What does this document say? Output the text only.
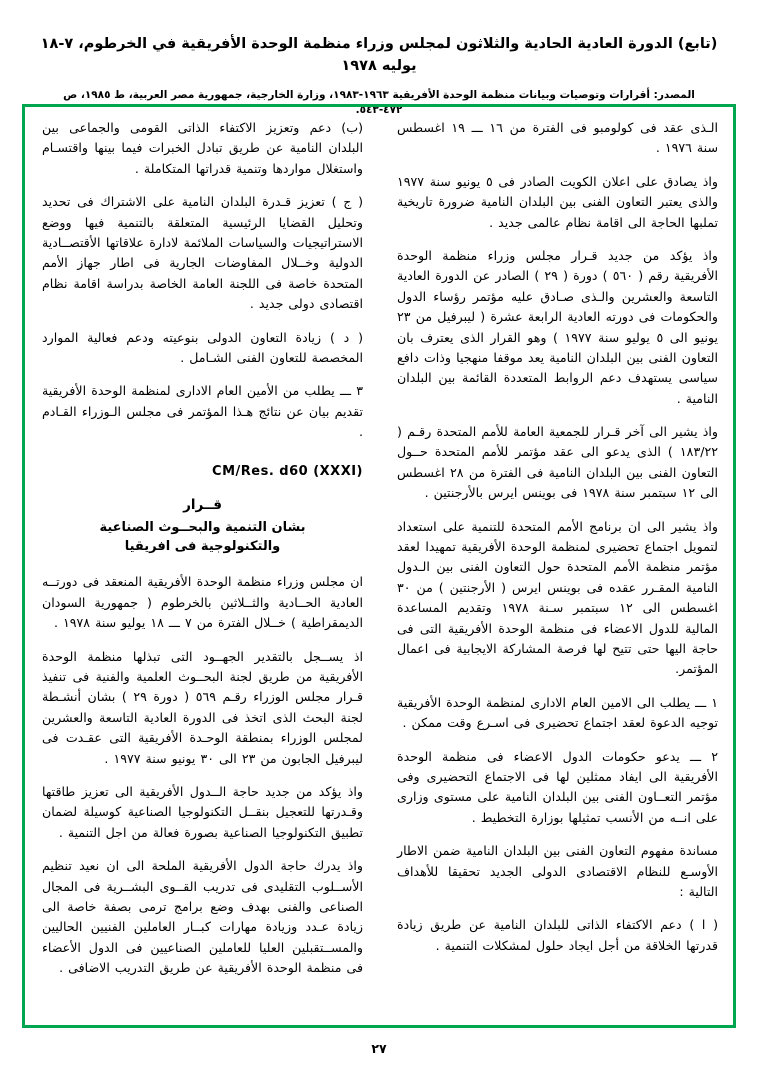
(تابع) الدورة العادية الحادية والثلاثون لمجلس وزراء منظمة الوحدة الأفريقية في الخرطوم، ٧-١٨ يوليه ١٩٧٨
المصدر: أقرارات وتوصيات وبيانات منظمة الوحدة الأفريقية ١٩٦٣-١٩٨٣، وزارة الخارجية، جمهورية مصر العربية، ط ١٩٨٥، ص ٤٧٢-٥٤٣.

الـذى عقد فى كولومبو فى الفترة من ١٦ ـــ ١٩ اغسطس سنة ١٩٧٦ .

واذ يصادق على اعلان الكويت الصادر فى ٥ يونيو سنة ١٩٧٧ والذى يعتبر التعاون الفنى بين البلدان النامية ضرورة تاريخية تملبها الحاجة الى اقامة نظام عالمى جديد .

واذ يؤكد من جديد قـرار مجلس وزراء منظمة الوحدة الأفريقية رقم ( ٥٦٠ ) دورة ( ٢٩ ) الصادر عن الدورة العادية التاسعة والعشرين والـذى صـادق عليه مؤتمر رؤساء الدول والحكومات فى دورته العادية الرابعة عشرة ( ليبرفيل من ٢٣ يونيو الى ٥ يوليو سنة ١٩٧٧ ) وهو القرار الذى يعترف بان التعاون الفنى بين البلدان النامية يعد موقفا منهجيا وذات دافع سياسى يستهدف دعم الروابط المتعددة القائمة بين البلدان النامية .

واذ يشير الى آخر قـرار للجمعية العامة للأمم المتحدة رقـم ( ١٨٣/٢٢ ) الذى يدعو الى عقد مؤتمر للأمم المتحدة حــول التعاون الفنى بين البلدان النامية فى الفترة من ٢٨ اغسطس الى ١٢ سبتمبر سنة ١٩٧٨ فى بوينس ايرس بالأرجنتين .

واذ يشير الى ان برنامج الأمم المتحدة للتنمية على استعداد لتمويل اجتماع تحضيرى لمنظمة الوحدة الأفريقية تمهيدا لعقد مؤتمر منظمة الأمم المتحدة حول التعاون الفنى بين الـدول النامية المقـرر عقده فى بوينس ايرس ( الأرجنتين ) من ٣٠ اغسطس الى ١٢ سبتمبر سـنة ١٩٧٨ وتقديم المساعدة المالية للدول الاعضاء فى منظمة الوحدة الأفريقية التى فى حاجة اليها حتى تتيح لها فرصة المشاركة الايجابية فى اعمال المؤتمر.

١ ـــ يطلب الى الامين العام الادارى لمنظمة الوحدة الأفريقية توجيه الدعوة لعقد اجتماع تحضيرى فى اسـرع وقت ممكن .

٢ ـــ يدعو حكومات الدول الاعضاء فى منظمة الوحدة الأفريقية الى ايفاد ممثلين لها فى الاجتماع التحضيرى وفى مؤتمر التعــاون الفنى بين البلدان النامية على مستوى وزارى على انــه من الأنسب تمثيلها بوزارة التخطيط .

مساندة مفهوم التعاون الفنى بين البلدان النامية ضمن الاطار الأوسـع للنظام الاقتصادى الدولى الجديد تحقيقا للأهداف التالية :

( ا ) دعم الاكتفاء الذاتى للبلدان النامية عن طريق زيادة قدرتها الخلاقة من أجل ايجاد حلول لمشكلات التنمية .

(ب) دعم وتعزيز الاكتفاء الذاتى القومى والجماعى بين البلدان النامية عن طريق تبادل الخبرات فيما بينها واقتسـام واستغلال مواردها وتنمية قدراتها المتكاملة .

( ج ) تعزيز قـدرة البلدان النامية على الاشتراك فى تحديد وتحليل القضايا الرئيسية المتعلقة بالتنمية فيها ووضع الاستراتيجيات والسياسات الملائمة لادارة علاقاتها الأقتصــادية الدولية وخــلال المفاوضات الجارية فى اطار جهاز الأمم المتحدة خاصة فى اللجنة العامة الخاصة بدراسة اقامة نظام اقتصادى دولى جديد .

( د ) زيادة التعاون الدولى بنوعيته ودعم فعالية الموارد المخصصة للتعاون الفنى الشـامل .

٣ ـــ يطلب من الأمين العام الادارى لمنظمة الوحدة الأفريقية تقديم بيان عن نتائج هـذا المؤتمر فى مجلس الـوزراء القـادم .

CM/Res. d60 (XXXI)
قــرار
بشان التنمية والبحــوث الصناعية
والتكنولوجية فى افريقيا

ان مجلس وزراء منظمة الوحدة الأفريقية المنعقد فى دورتــه العادية الحــادية والثــلاثين بالخرطوم ( جمهورية السودان الديمقراطية ) خــلال الفترة من ٧ ـــ ١٨ يوليو سنة ١٩٧٨ .

اذ يســجل بالتقدير الجهــود التى تبذلها منظمة الوحدة الأفريقية من طريق لجنة البحــوث العلمية والفنية فى تنفيذ قـرار مجلس الوزراء رقـم ٥٦٩ ( دورة ٢٩ ) بشان أنشـطة لجنة البحث الذى اتخذ فى الدورة العادية التاسعة والعشرين لمجلس الوزراء بمنطقة الوحـدة الأفريقية التى عقـدت فى ليبرفيل الجابون من ٢٣ الى ٣٠ يونيو سنة ١٩٧٧ .

واذ يؤكد من جديد حاجة الــدول الأفريقية الى تعزيز طاقتها وقـدرتها للتعجيل بنقــل التكنولوجيا الصناعية كوسيلة لضمان تطبيق التكنولوجيا الصناعية بصورة فعالة من اجل التنمية .

واذ يدرك حاجة الدول الأفريقية الملحة الى ان نعيد تنظيم الأســلوب التقليدى فى تدريب القــوى البشــرية فى المجال الصناعى والفنى بهدف وضع برامج ترمى بصفة خاصة الى زيادة عـدد وزيادة مهارات كبــار العاملين الفنيين الحاليين والمســتقبلين العليا للعاملين الصناعيين فى الدول الأعضاء فى منظمة الوحدة الأفريقية عن طريق التدريب الاضافى .

٢٧
